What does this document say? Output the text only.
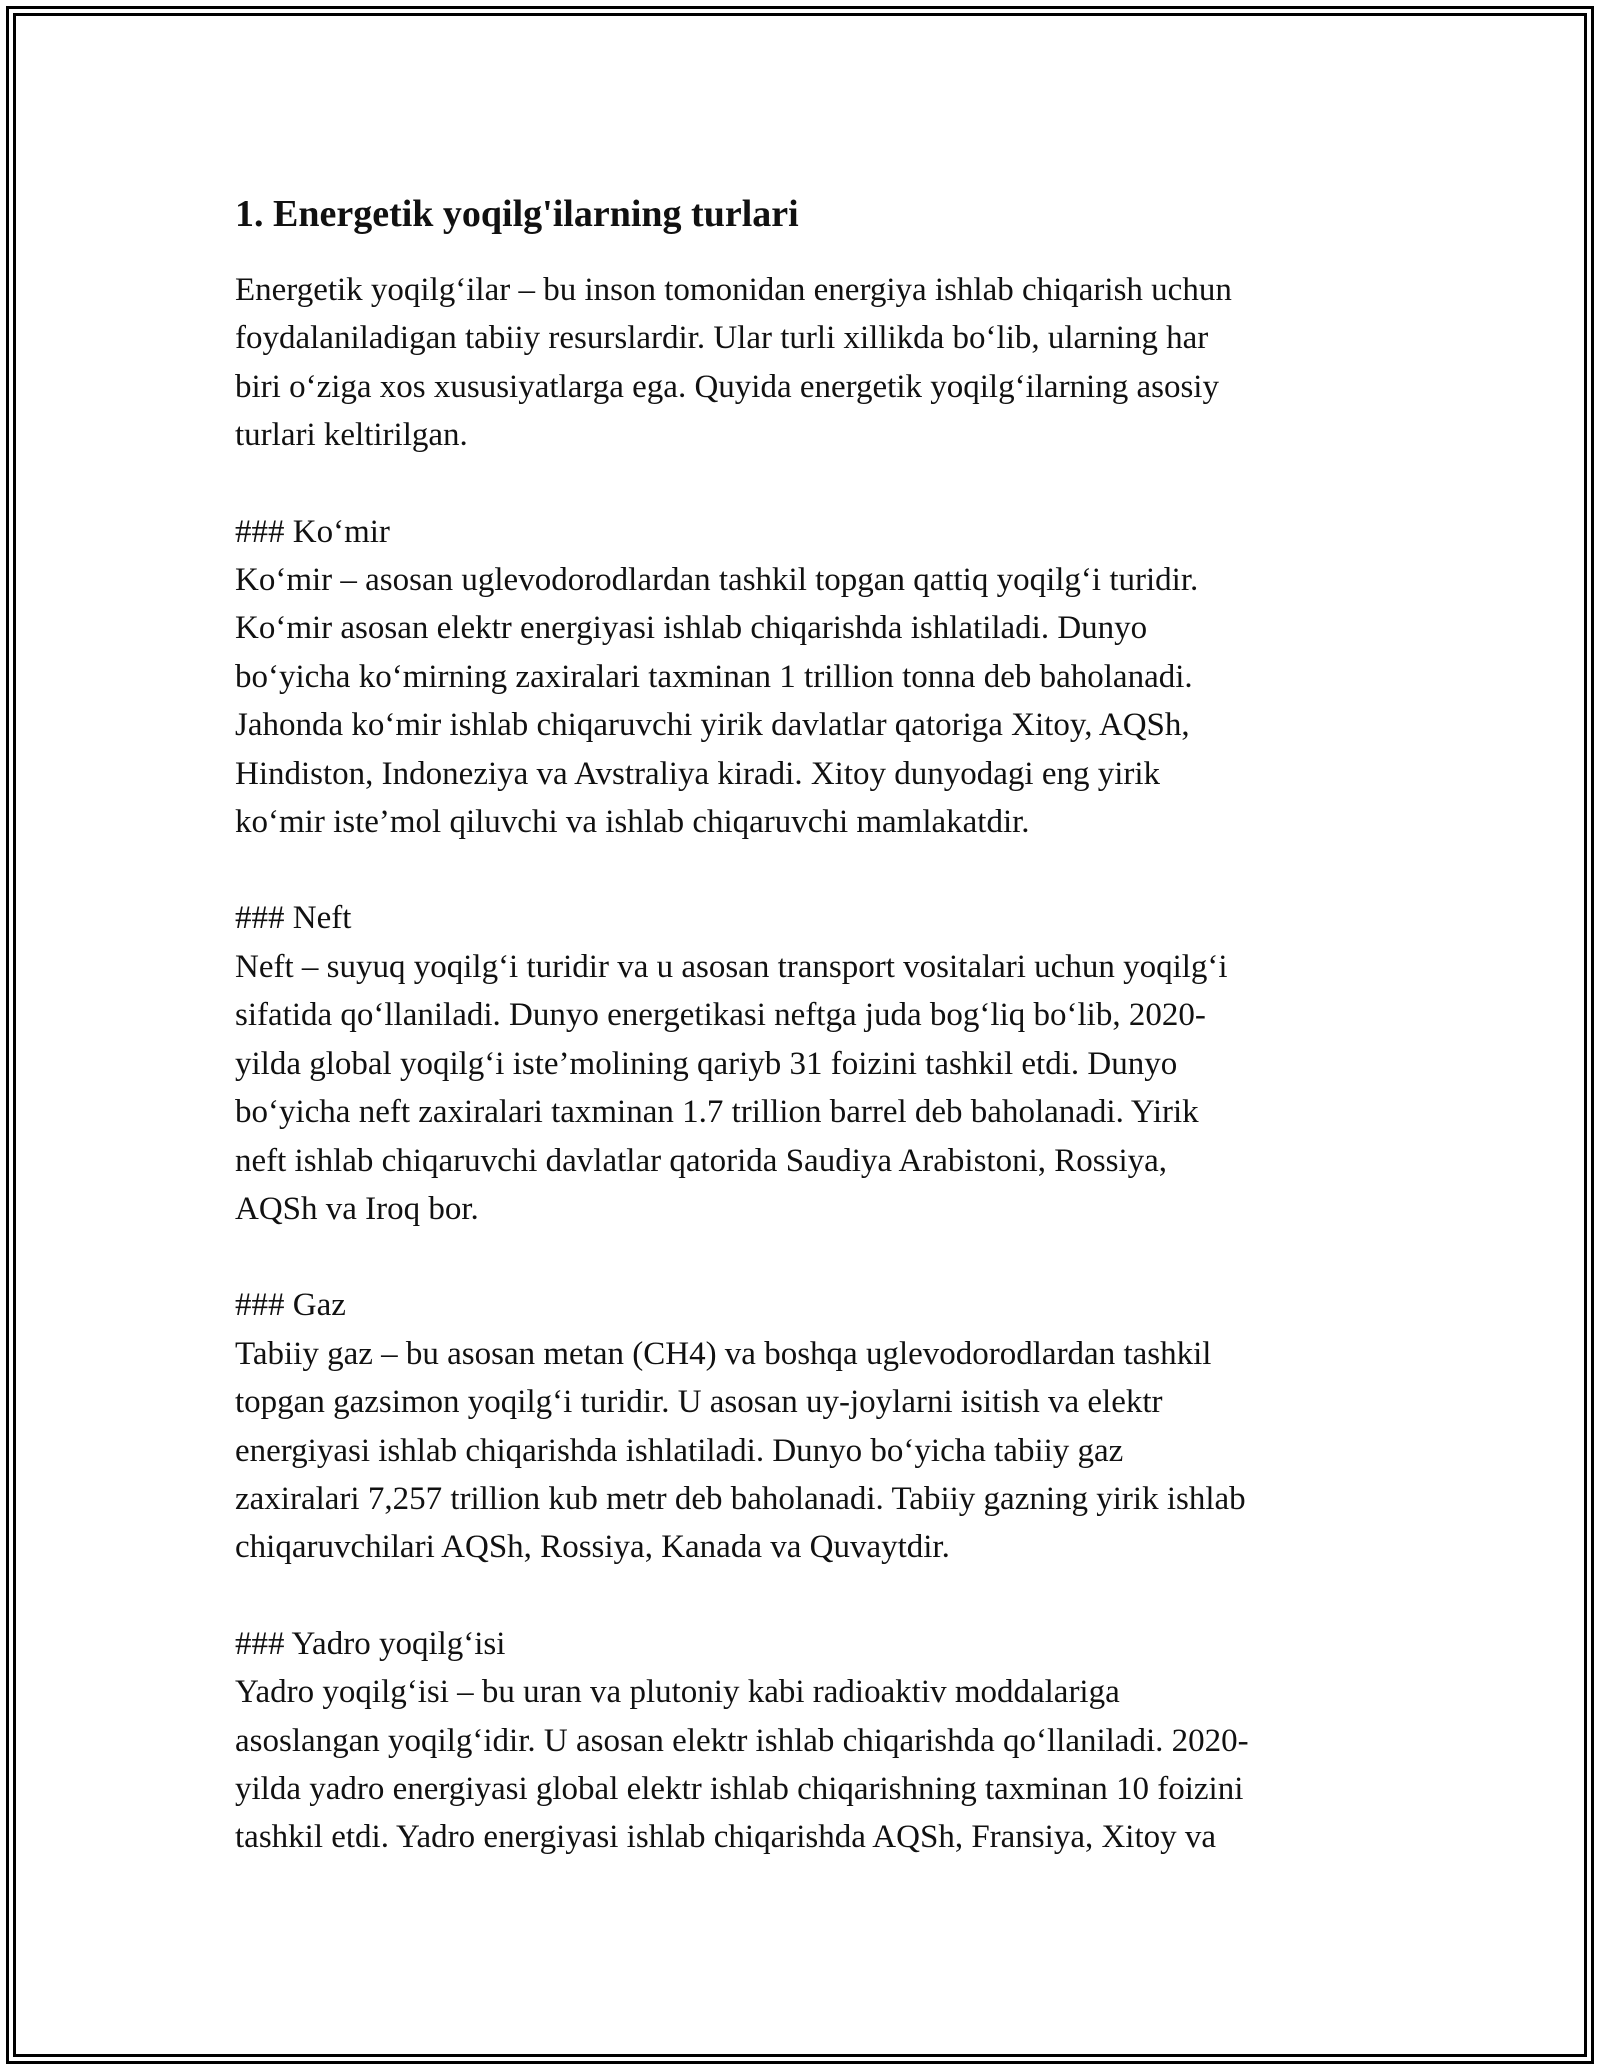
1. Energetik yoqilg'ilarning turlari

Energetik yoqilg‘ilar – bu inson tomonidan energiya ishlab chiqarish uchun
foydalaniladigan tabiiy resurslardir. Ular turli xillikda bo‘lib, ularning har
biri o‘ziga xos xususiyatlarga ega. Quyida energetik yoqilg‘ilarning asosiy
turlari keltirilgan.

### Ko‘mir

Ko‘mir – asosan uglevodorodlardan tashkil topgan qattiq yoqilg‘i turidir.
Ko‘mir asosan elektr energiyasi ishlab chiqarishda ishlatiladi. Dunyo
bo‘yicha ko‘mirning zaxiralari taxminan 1 trillion tonna deb baholanadi.
Jahonda ko‘mir ishlab chiqaruvchi yirik davlatlar qatoriga Xitoy, AQSh,
Hindiston, Indoneziya va Avstraliya kiradi. Xitoy dunyodagi eng yirik
ko‘mir iste’mol qiluvchi va ishlab chiqaruvchi mamlakatdir.

### Neft

Neft – suyuq yoqilg‘i turidir va u asosan transport vositalari uchun yoqilg‘i
sifatida qo‘llaniladi. Dunyo energetikasi neftga juda bog‘liq bo‘lib, 2020-
yilda global yoqilg‘i iste’molining qariyb 31 foizini tashkil etdi. Dunyo
bo‘yicha neft zaxiralari taxminan 1.7 trillion barrel deb baholanadi. Yirik
neft ishlab chiqaruvchi davlatlar qatorida Saudiya Arabistoni, Rossiya,
AQSh va Iroq bor.

### Gaz

Tabiiy gaz – bu asosan metan (CH4) va boshqa uglevodorodlardan tashkil
topgan gazsimon yoqilg‘i turidir. U asosan uy-joylarni isitish va elektr
energiyasi ishlab chiqarishda ishlatiladi. Dunyo bo‘yicha tabiiy gaz
zaxiralari 7,257 trillion kub metr deb baholanadi. Tabiiy gazning yirik ishlab
chiqaruvchilari AQSh, Rossiya, Kanada va Quvaytdir.

### Yadro yoqilg‘isi

Yadro yoqilg‘isi – bu uran va plutoniy kabi radioaktiv moddalariga
asoslangan yoqilg‘idir. U asosan elektr ishlab chiqarishda qo‘llaniladi. 2020-
yilda yadro energiyasi global elektr ishlab chiqarishning taxminan 10 foizini
tashkil etdi. Yadro energiyasi ishlab chiqarishda AQSh, Fransiya, Xitoy va
